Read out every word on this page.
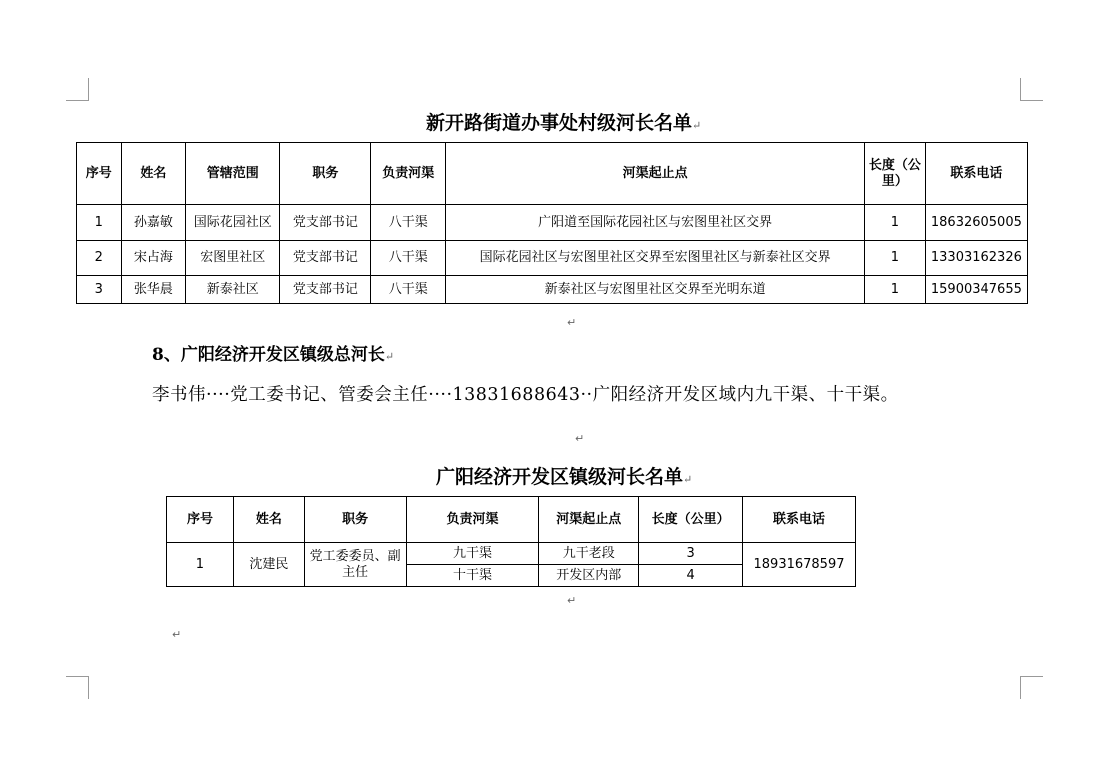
新开路街道办事处村级河长名单↵
序号	姓名	管辖范围	职务	负责河渠	河渠起止点	长度（公里）	联系电话
1	孙嘉敏	国际花园社区	党支部书记	八干渠	广阳道至国际花园社区与宏图里社区交界	1	18632605005
2	宋占海	宏图里社区	党支部书记	八干渠	国际花园社区与宏图里社区交界至宏图里社区与新泰社区交界	1	13303162326
3	张华晨	新泰社区	党支部书记	八干渠	新泰社区与宏图里社区交界至光明东道	1	15900347655
↵
8、广阳经济开发区镇级总河长↵
李书伟····党工委书记、管委会主任····13831688643··广阳经济开发区域内九干渠、十干渠。
↵
广阳经济开发区镇级河长名单↵
序号	姓名	职务	负责河渠	河渠起止点	长度（公里）	联系电话
1	沈建民	党工委委员、副主任	九干渠	九干老段	3	18931678597
			十干渠	开发区内部	4	
↵
↵
